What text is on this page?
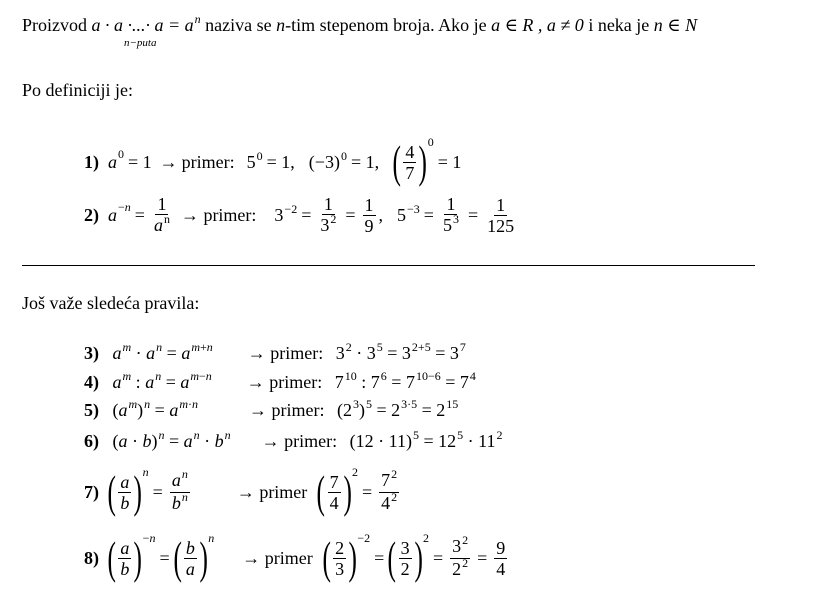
Proizvod a · a ·...· $a = a^n$ naziva se n-tim stepenom broja. Ako je a ∈ R , a ≠ 0 i neka je n ∈ N
n−puta
Po definiciji je:
1) $a^0 = 1$ → primer: $5^0 = 1$, $(-3)^0 = 1$, ( $\frac{4}{7}$ ) 0
= 1
2) $a^{-n} = \frac{1}{a^n}$ → primer: $3^{-2} = \frac{1}{3^2} = \frac{1}{9}$ , $5^{-3} = \frac{1}{5^3} = \frac{1}{125}$
Još važe sledeća pravila:
3) $a^m \cdot a^n = a^{m+n}$ → primer: $3^2 \cdot 3^5 = 3^{2+5} = 3^7$
4) $a^m$ : $a^n = a^{m-n}$ → primer: $7^{10}$ : $7^6 = 7^{10-6} = 7^4$
5) $(a^m)^n = a^{m\cdot n}$	→ primer: $(2^3)^5 = 2^{3\cdot 5} = 2^{15}$
6) $(a \cdot b)^n = a^n \cdot b^n$ → primer: $(12 \cdot 11)^5 = 12^5 \cdot 11^2$
7) ( $\frac{a}{b}$ ) n
= $\frac{a^n}{b^n}$	→ primer ( $\frac{7}{4}$ ) 2
= $\frac{7^2}{4^2}$
8) ( $\frac{a}{b}$ ) −n
= ( $\frac{b}{a}$ ) n
→ primer ( $\frac{2}{3}$ ) −2
= ( $\frac{3}{2}$ ) 2
= $\frac{3^2}{2^2} = \frac{9}{4}$
